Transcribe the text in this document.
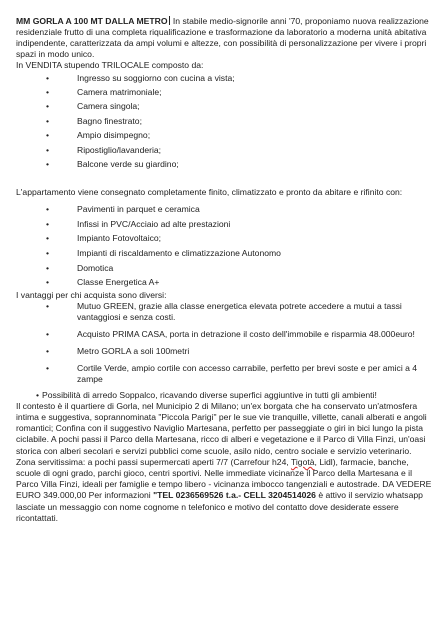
MM GORLA A 100 MT DALLA METRO In stabile medio-signorile anni '70, proponiamo nuova realizzazione residenziale frutto di una completa riqualificazione e trasformazione da laboratorio a moderna unità abitativa indipendente, caratterizzata da ampi volumi e altezze, con possibilità di personalizzazione per vivere i propri spazi in modo unico.

In VENDITA stupendo TRILOCALE composto da:

•	Ingresso su soggiorno con cucina a vista;
•	Camera matrimoniale;
•	Camera singola;
•	Bagno finestrato;
•	Ampio disimpegno;
•	Ripostiglio/lavanderia;
•	Balcone verde su giardino;

L'appartamento viene consegnato completamente finito, climatizzato e pronto da abitare e rifinito con:

•	Pavimenti in parquet e ceramica
•	Infissi in PVC/Acciaio ad alte prestazioni
•	Impianto Fotovoltaico;
•	Impianti di riscaldamento e climatizzazione Autonomo
•	Domotica
•	Classe Energetica A+

I vantaggi per chi acquista sono diversi:

•	Mutuo GREEN, grazie alla classe energetica elevata potrete accedere a mutui a tassi vantaggiosi e senza costi.
•	Acquisto PRIMA CASA, porta in detrazione il costo dell'immobile e risparmia 48.000euro!
•	Metro GORLA a soli 100metri
•	Cortile Verde, ampio cortile con accesso carrabile, perfetto per brevi soste e per amici a 4 zampe
• Possibilità di arredo Soppalco, ricavando diverse superfici aggiuntive in tutti gli ambienti!

Il contesto è il quartiere di Gorla, nel Municipio 2 di Milano; un'ex borgata che ha conservato un'atmosfera intima e suggestiva, soprannominata "Piccola Parigi" per le sue vie tranquille, villette, canali alberati e angoli romantici; Confina con il suggestivo Naviglio Martesana, perfetto per passeggiate o giri in bici lungo la pista ciclabile. A pochi passi il Parco della Martesana, ricco di alberi e vegetazione e il Parco di Villa Finzi, un'oasi storica con alberi secolari e servizi pubblici come scuole, asilo nido, centro sociale e servizio veterinario. Zona servitissima: a pochi passi supermercati aperti 7/7 (Carrefour h24, Tigotà, Lidl), farmacie, banche, scuole di ogni grado, parchi gioco, centri sportivi. Nelle immediate vicinanze il Parco della Martesana e il Parco Villa Finzi, ideali per famiglie e tempo libero - vicinanza imbocco tangenziali e autostrade. DA VEDERE EURO 349.000,00 Per informazioni "TEL 0236569526 t.a.- CELL 3204514026 è attivo il servizio whatsapp lasciate un messaggio con nome cognome n telefonico e motivo del contatto dove desiderate essere ricontattati.
